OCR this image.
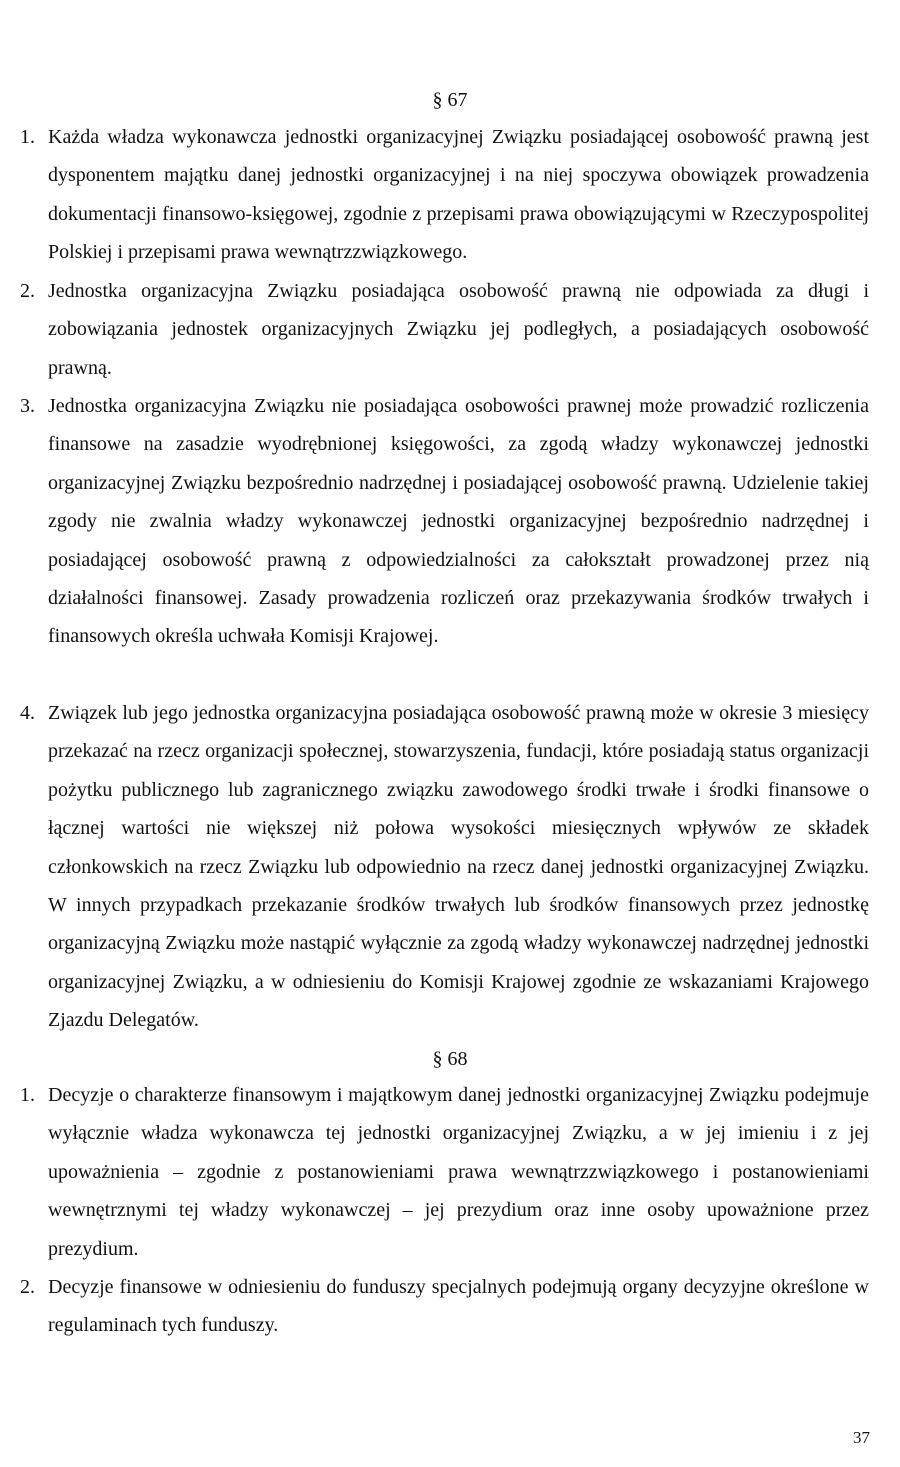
§ 67
1. Każda władza wykonawcza jednostki organizacyjnej Związku posiadającej osobowość prawną jest dysponentem majątku danej jednostki organizacyjnej i na niej spoczywa obowiązek prowadzenia dokumentacji finansowo-księgowej, zgodnie z przepisami prawa obowiązującymi w Rzeczypospolitej Polskiej i przepisami prawa wewnątrzzwiązkowego.
2. Jednostka organizacyjna Związku posiadająca osobowość prawną nie odpowiada za długi i zobowiązania jednostek organizacyjnych Związku jej podległych, a posiadających osobowość prawną.
3. Jednostka organizacyjna Związku nie posiadająca osobowości prawnej może prowadzić rozliczenia finansowe na zasadzie wyodrębnionej księgowości, za zgodą władzy wykonawczej jednostki organizacyjnej Związku bezpośrednio nadrzędnej i posiadającej osobowość prawną. Udzielenie takiej zgody nie zwalnia władzy wykonawczej jednostki organizacyjnej bezpośrednio nadrzędnej i posiadającej osobowość prawną z odpowiedzialności za całokształt prowadzonej przez nią działalności finansowej. Zasady prowadzenia rozliczeń oraz przekazywania środków trwałych i finansowych określa uchwała Komisji Krajowej.
4. Związek lub jego jednostka organizacyjna posiadająca osobowość prawną może w okresie 3 miesięcy przekazać na rzecz organizacji społecznej, stowarzyszenia, fundacji, które posiadają status organizacji pożytku publicznego lub zagranicznego związku zawodowego środki trwałe i środki finansowe o łącznej wartości nie większej niż połowa wysokości miesięcznych wpływów ze składek członkowskich na rzecz Związku lub odpowiednio na rzecz danej jednostki organizacyjnej Związku. W innych przypadkach przekazanie środków trwałych lub środków finansowych przez jednostkę organizacyjną Związku może nastąpić wyłącznie za zgodą władzy wykonawczej nadrzędnej jednostki organizacyjnej Związku, a w odniesieniu do Komisji Krajowej zgodnie ze wskazaniami Krajowego Zjazdu Delegatów.
§ 68
1. Decyzje o charakterze finansowym i majątkowym danej jednostki organizacyjnej Związku podejmuje wyłącznie władza wykonawcza tej jednostki organizacyjnej Związku, a w jej imieniu i z jej upoważnienia – zgodnie z postanowieniami prawa wewnątrzzwiązkowego i postanowieniami wewnętrznymi tej władzy wykonawczej – jej prezydium oraz inne osoby upoważnione przez prezydium.
2. Decyzje finansowe w odniesieniu do funduszy specjalnych podejmują organy decyzyjne określone w regulaminach tych funduszy.
37
